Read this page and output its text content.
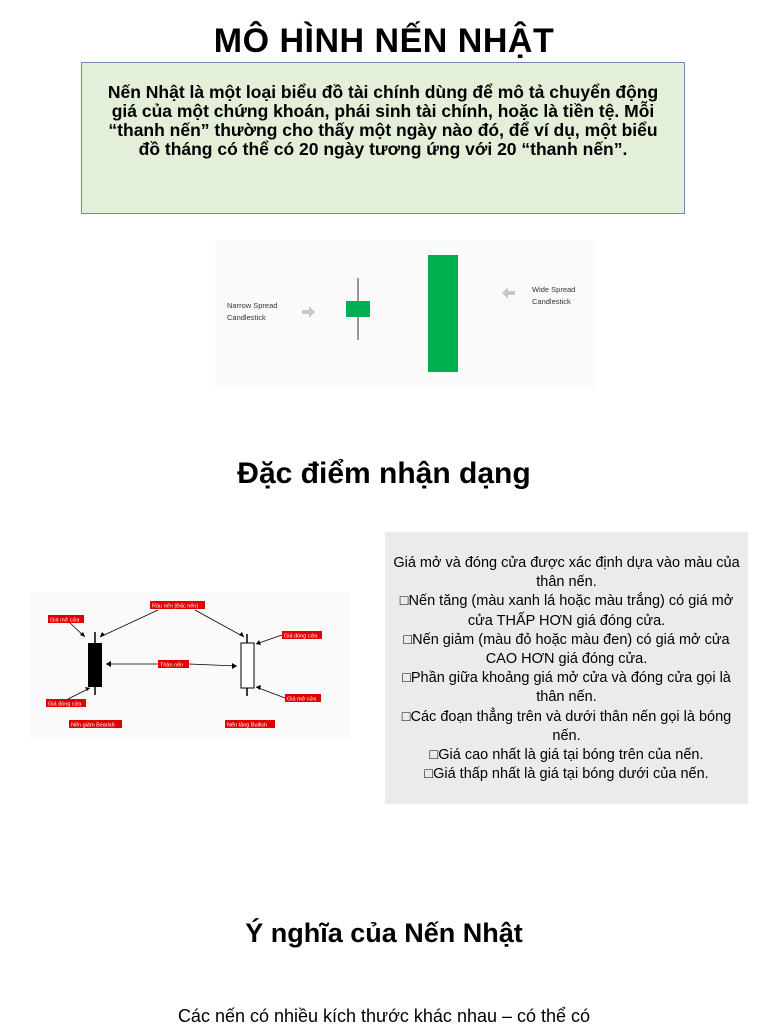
MÔ HÌNH NẾN NHẬT
Nến Nhật là một loại biểu đồ tài chính dùng để mô tả chuyển động giá của một chứng khoán, phái sinh tài chính, hoặc là tiền tệ. Mỗi “thanh nến” thường cho thấy một ngày nào đó, để ví dụ, một biểu đồ tháng có thể có 20 ngày tương ứng với 20 “thanh nến”.
Narrow Spread
Candlestick
Wide Spread
Candlestick
Đặc điểm nhận dạng
Giá mở cửa
Râu nến (Bấc nến)
Giá đóng cửa
Thân nến
Giá đóng cửa
Giá mở cửa
Nến giảm Bearish	Nến tăng Bullish
Giá mở và đóng cửa được xác định dựa vào màu của thân nến.
□Nến tăng (màu xanh lá hoặc màu trắng) có giá mở cửa THẤP HƠN giá đóng cửa.
□Nến giảm (màu đỏ hoặc màu đen) có giá mở cửa CAO HƠN giá đóng cửa.
□Phần giữa khoảng giá mở cửa và đóng cửa gọi là thân nến.
□Các đoạn thẳng trên và dưới thân nến gọi là bóng nến.
□Giá cao nhất là giá tại bóng trên của nến.
□Giá thấp nhất là giá tại bóng dưới của nến.
Ý nghĩa của Nến Nhật
Các nến có nhiều kích thước khác nhau – có thể có
